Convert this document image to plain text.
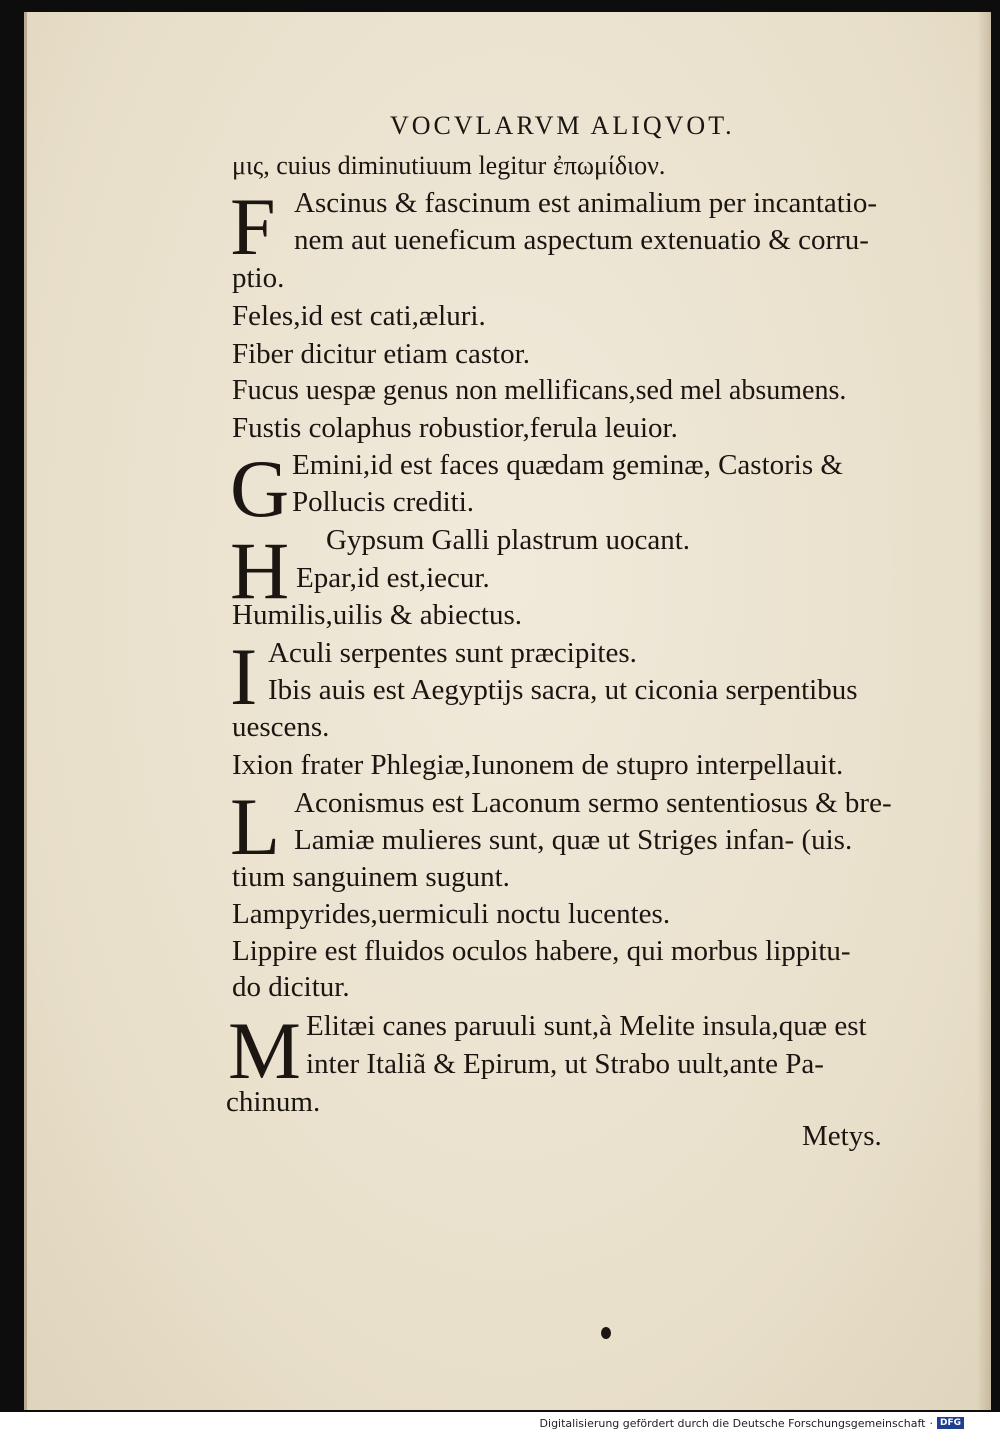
VOCVLARVM ALIQVOT.
μις, cuius diminutiuum legitur ἐπωμίδιον.
F Ascinus & fascinum est animalium per incantatio-
nem aut ueneficum aspectum extenuatio & corru-
ptio.
Feles,id est cati,æluri.
Fiber dicitur etiam castor.
Fucus uespæ genus non mellificans,sed mel absumens.
Fustis colaphus robustior,ferula leuior.
G Emini,id est faces quædam geminæ, Castoris &
Pollucis crediti.
H Gypsum Galli plastrum uocant.
Epar,id est,iecur.
Humilis,uilis & abiectus.
I Aculi serpentes sunt præcipites.
Ibis auis est Aegyptijs sacra, ut ciconia serpentibus
uescens.
Ixion frater Phlegiæ,Iunonem de stupro interpellauit.
L Aconismus est Laconum sermo sententiosus & bre-
Lamiæ mulieres sunt, quæ ut Striges infan- (uis.
tium sanguinem sugunt.
Lampyrides,uermiculi noctu lucentes.
Lippire est fluidos oculos habere, qui morbus lippitu-
do dicitur.
M Elitæi canes paruuli sunt,à Melite insula,quæ est
inter Italiã & Epirum, ut Strabo uult,ante Pa-
chinum.
Metys.
Digitalisierung gefördert durch die Deutsche Forschungsgemeinschaft · DFG
